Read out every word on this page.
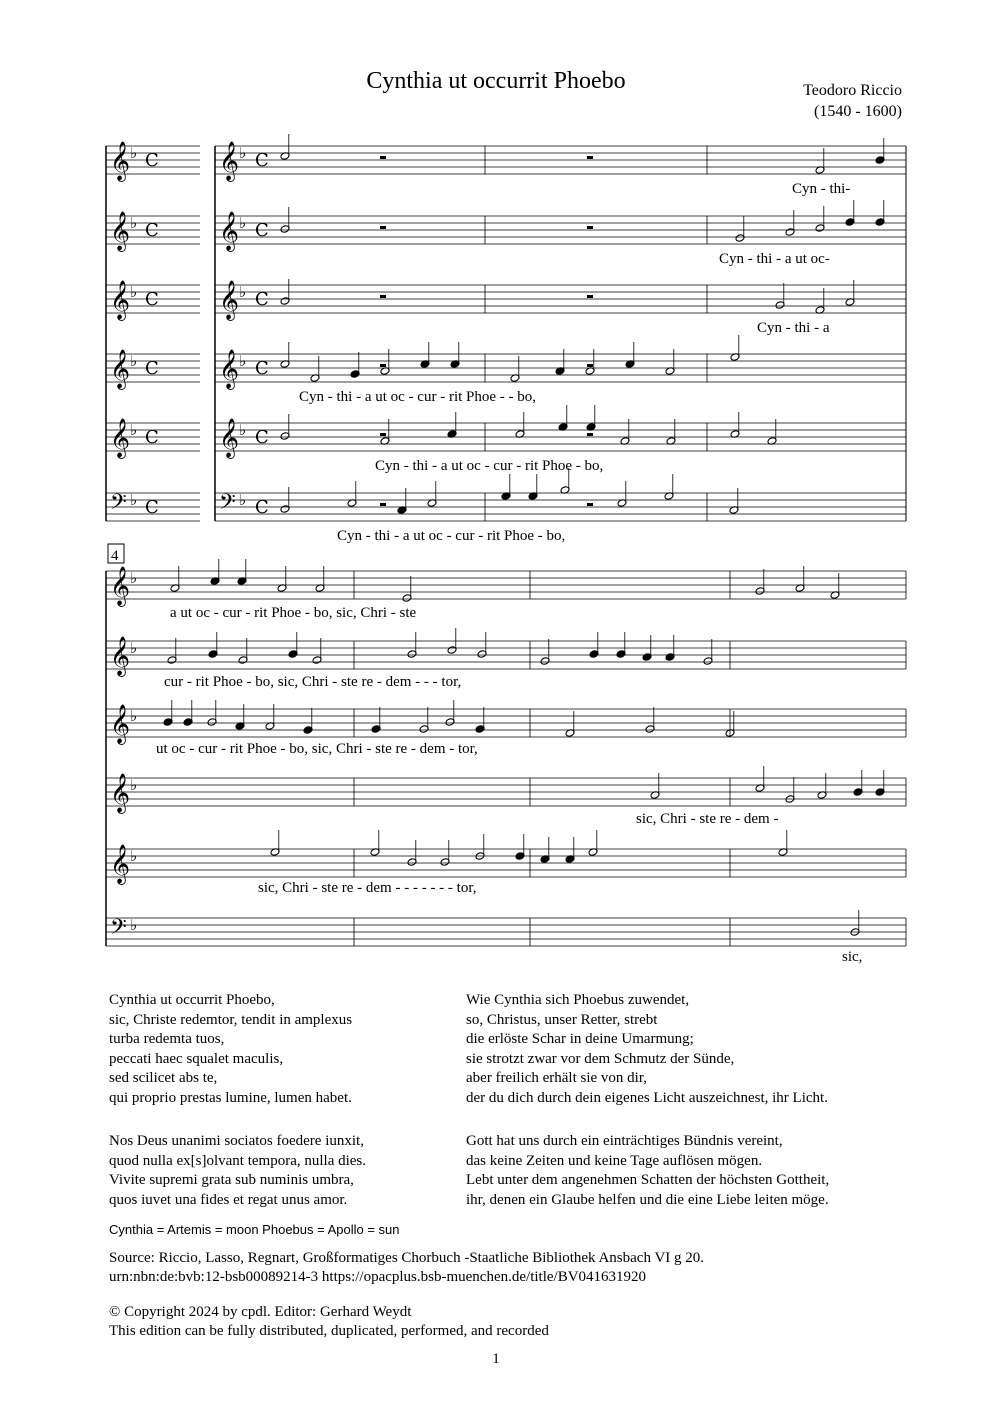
Cynthia ut occurrit Phoebo	Teodoro Riccio
(1540 - 1600)
𝄞 ♭ 𝄞 ♭
C	C
𝄞 ♭ 𝄞 ♭
C	C
𝄞 ♭ 𝄞 ♭
C	C
𝄞 ♭ 𝄞 ♭
C	C
𝄞 ♭ 𝄞 ♭
C	C
𝄢 ♭	𝄢 ♭
C	C
Cyn - thi-
Cyn - thi - a ut oc-
Cyn - thi - a
Cyn - thi - a ut oc - cur - rit Phoe - - bo,
Cyn - thi - a ut oc - cur - rit Phoe - bo,
Cyn - thi - a ut oc - cur - rit Phoe - bo,
𝄞 ♭
𝄞 ♭
𝄞 ♭
𝄞 ♭
𝄞 ♭
𝄢 ♭
a ut oc - cur - rit Phoe - bo, sic, Chri - ste
cur - rit Phoe - bo, sic, Chri - ste re - dem - - - tor,
ut oc - cur - rit Phoe - bo, sic, Chri - ste re - dem - tor,
sic, Chri - ste re - dem -
sic, Chri - ste re - dem - - - - - - - tor,
sic,
4
Cynthia ut occurrit Phoebo,
sic, Christe redemtor, tendit in amplexus
turba redemta tuos,
peccati haec squalet maculis,
sed scilicet abs te,
qui proprio prestas lumine, lumen habet.
Nos Deus unanimi sociatos foedere iunxit,
quod nulla ex[s]olvant tempora, nulla dies.
Vivite supremi grata sub numinis umbra,
quos iuvet una fides et regat unus amor.
Wie Cynthia sich Phoebus zuwendet,
so, Christus, unser Retter, strebt
die erlöste Schar in deine Umarmung;
sie strotzt zwar vor dem Schmutz der Sünde,
aber freilich erhält sie von dir,
der du dich durch dein eigenes Licht auszeichnest, ihr Licht.
Gott hat uns durch ein einträchtiges Bündnis vereint,
das keine Zeiten und keine Tage auflösen mögen.
Lebt unter dem angenehmen Schatten der höchsten Gottheit,
ihr, denen ein Glaube helfen und die eine Liebe leiten möge.
Cynthia = Artemis = moon Phoebus = Apollo = sun
Source: Riccio, Lasso, Regnart, Großformatiges Chorbuch -Staatliche Bibliothek Ansbach VI g 20.
urn:nbn:de:bvb:12-bsb00089214-3 https://opacplus.bsb-muenchen.de/title/BV041631920
© Copyright 2024 by cpdl. Editor: Gerhard Weydt
This edition can be fully distributed, duplicated, performed, and recorded
1
